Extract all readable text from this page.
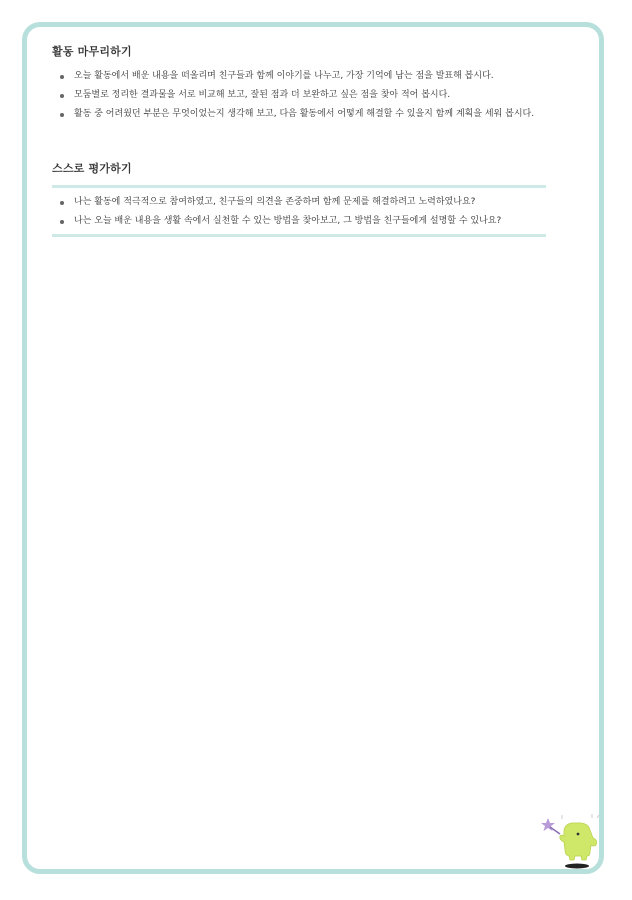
활동 마무리하기
오늘 활동에서 배운 내용을 떠올리며 친구들과 함께 이야기를 나누고, 가장 기억에 남는 점을 발표해 봅시다.
모둠별로 정리한 결과물을 서로 비교해 보고, 잘된 점과 더 보완하고 싶은 점을 찾아 적어 봅시다.
활동 중 어려웠던 부분은 무엇이었는지 생각해 보고, 다음 활동에서 어떻게 해결할 수 있을지 함께 계획을 세워 봅시다.
스스로 평가하기
나는 활동에 적극적으로 참여하였고, 친구들의 의견을 존중하며 함께 문제를 해결하려고 노력하였나요?
나는 오늘 배운 내용을 생활 속에서 실천할 수 있는 방법을 찾아보고, 그 방법을 친구들에게 설명할 수 있나요?
